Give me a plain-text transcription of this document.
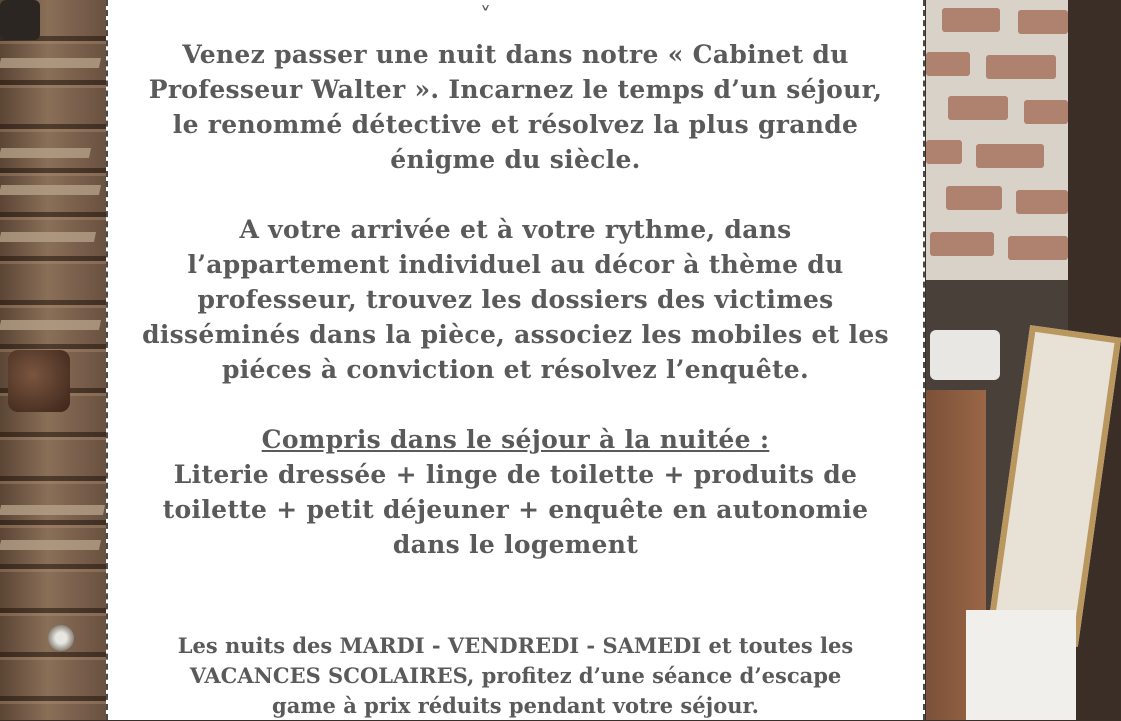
Venez passer une nuit dans notre « Cabinet du

Professeur Walter ». Incarnez le temps d’un séjour,

le renommé détective et résolvez la plus grande

énigme du siècle.

A votre arrivée et à votre rythme, dans

l’appartement individuel au décor à thème du

professeur, trouvez les dossiers des victimes

disséminés dans la pièce, associez les mobiles et les

piéces à conviction et résolvez l’enquête.

Compris dans le séjour à la nuitée :

Literie dressée + linge de toilette + produits de

toilette + petit déjeuner + enquête en autonomie

dans le logement

Les nuits des MARDI - VENDREDI - SAMEDI et toutes les

VACANCES SCOLAIRES, profitez d’une séance d’escape

game à prix réduits pendant votre séjour.
